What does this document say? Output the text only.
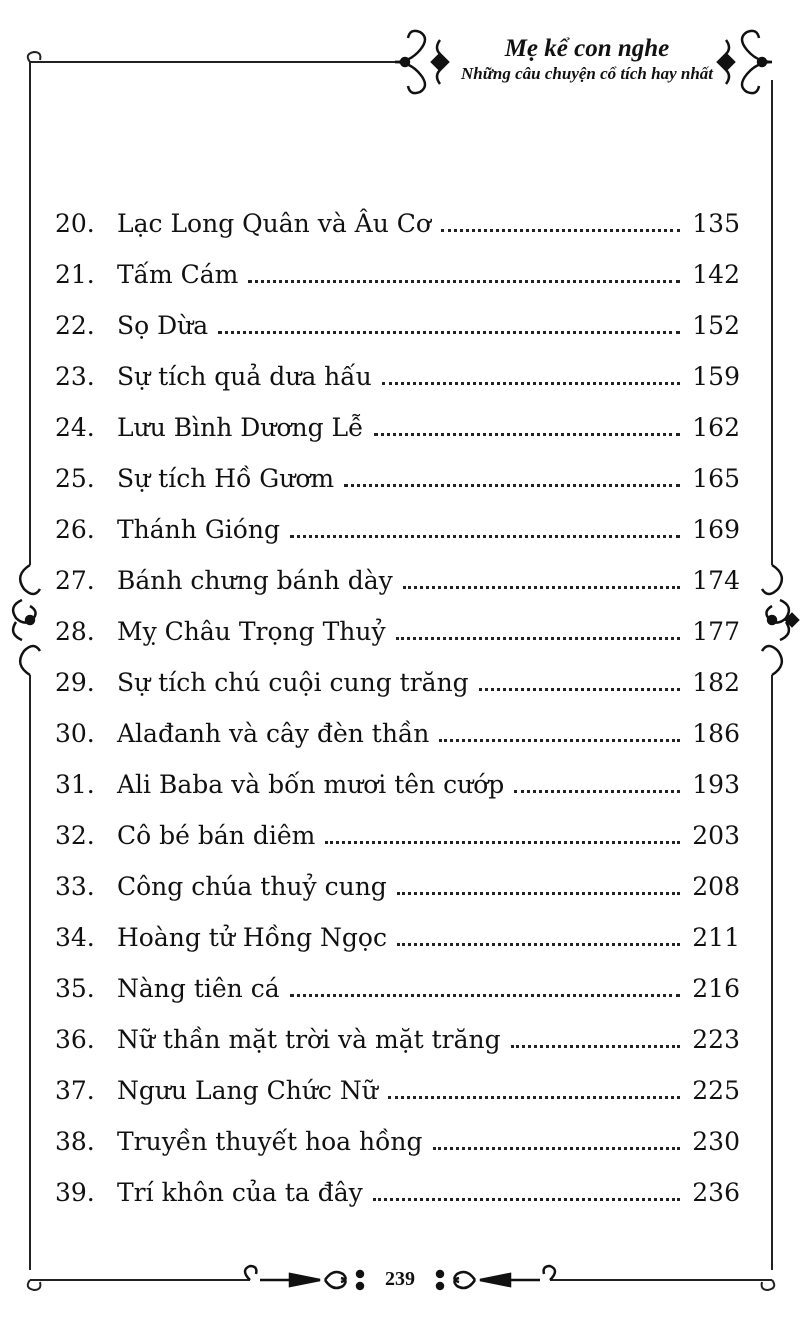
Mẹ kể con nghe
Những câu chuyện cổ tích hay nhất
20. Lạc Long Quân và Âu Cơ	135
21. Tấm Cám	142
22. Sọ Dừa	152
23. Sự tích quả dưa hấu	159
24. Lưu Bình Dương Lễ	162
25. Sự tích Hồ Gươm	165
26. Thánh Gióng	169
27. Bánh chưng bánh dày	174
28. Mỵ Châu Trọng Thuỷ	177
29. Sự tích chú cuội cung trăng	182
30. Alađanh và cây đèn thần	186
31. Ali Baba và bốn mươi tên cướp	193
32. Cô bé bán diêm	203
33. Công chúa thuỷ cung	208
34. Hoàng tử Hồng Ngọc	211
35. Nàng tiên cá	216
36. Nữ thần mặt trời và mặt trăng	223
37. Ngưu Lang Chức Nữ	225
38. Truyền thuyết hoa hồng	230
39. Trí khôn của ta đây	236
239
